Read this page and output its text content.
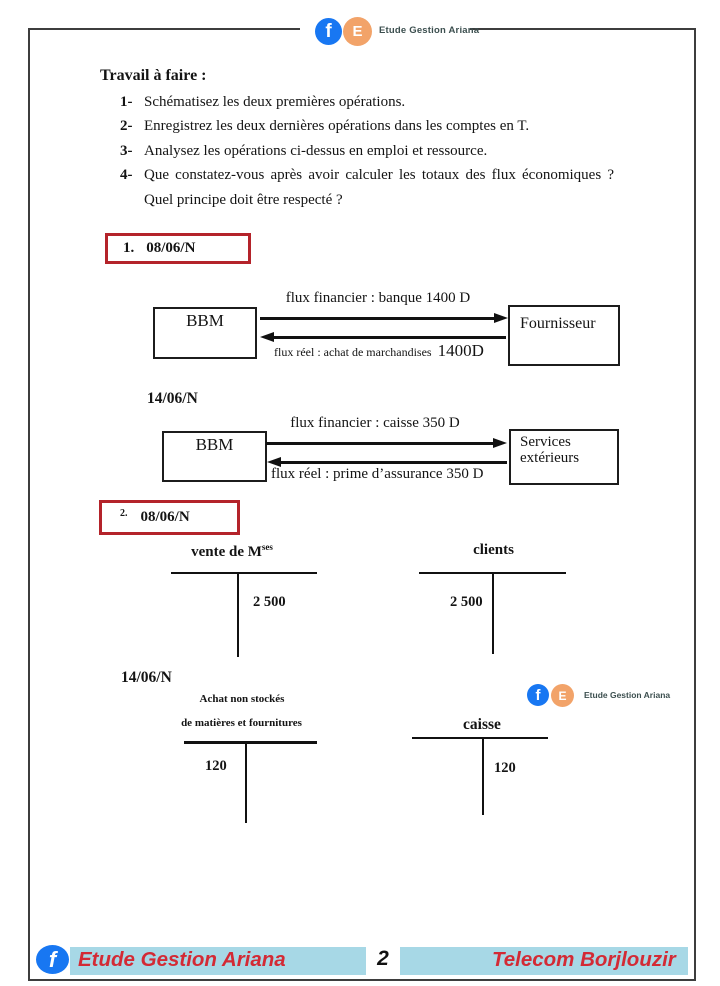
f E Etude Gestion Ariana
Travail à faire :
1- Schématisez les deux premières opérations.
2- Enregistrez les deux dernières opérations dans les comptes en T.
3- Analysez les opérations ci-dessus en emploi et ressource.
4- Que constatez-vous après avoir calculer les totaux des flux économiques ?
Quel principe doit être respecté ?
1. 08/06/N
flux financier : banque 1400 D
BBM	Fournisseur
flux réel : achat de marchandises 1400D
14/06/N
flux financier : caisse 350 D
BBM	Services
extérieurs
flux réel : prime d’assurance 350 D
2. 08/06/N
vente de $M^{ses}$
2 500
clients
2 500
14/06/N
f E Etude Gestion Ariana
Achat non stockés
de matières et fournitures
120
caisse
120
f Etude Gestion Ariana	2	Telecom Borjlouzir
